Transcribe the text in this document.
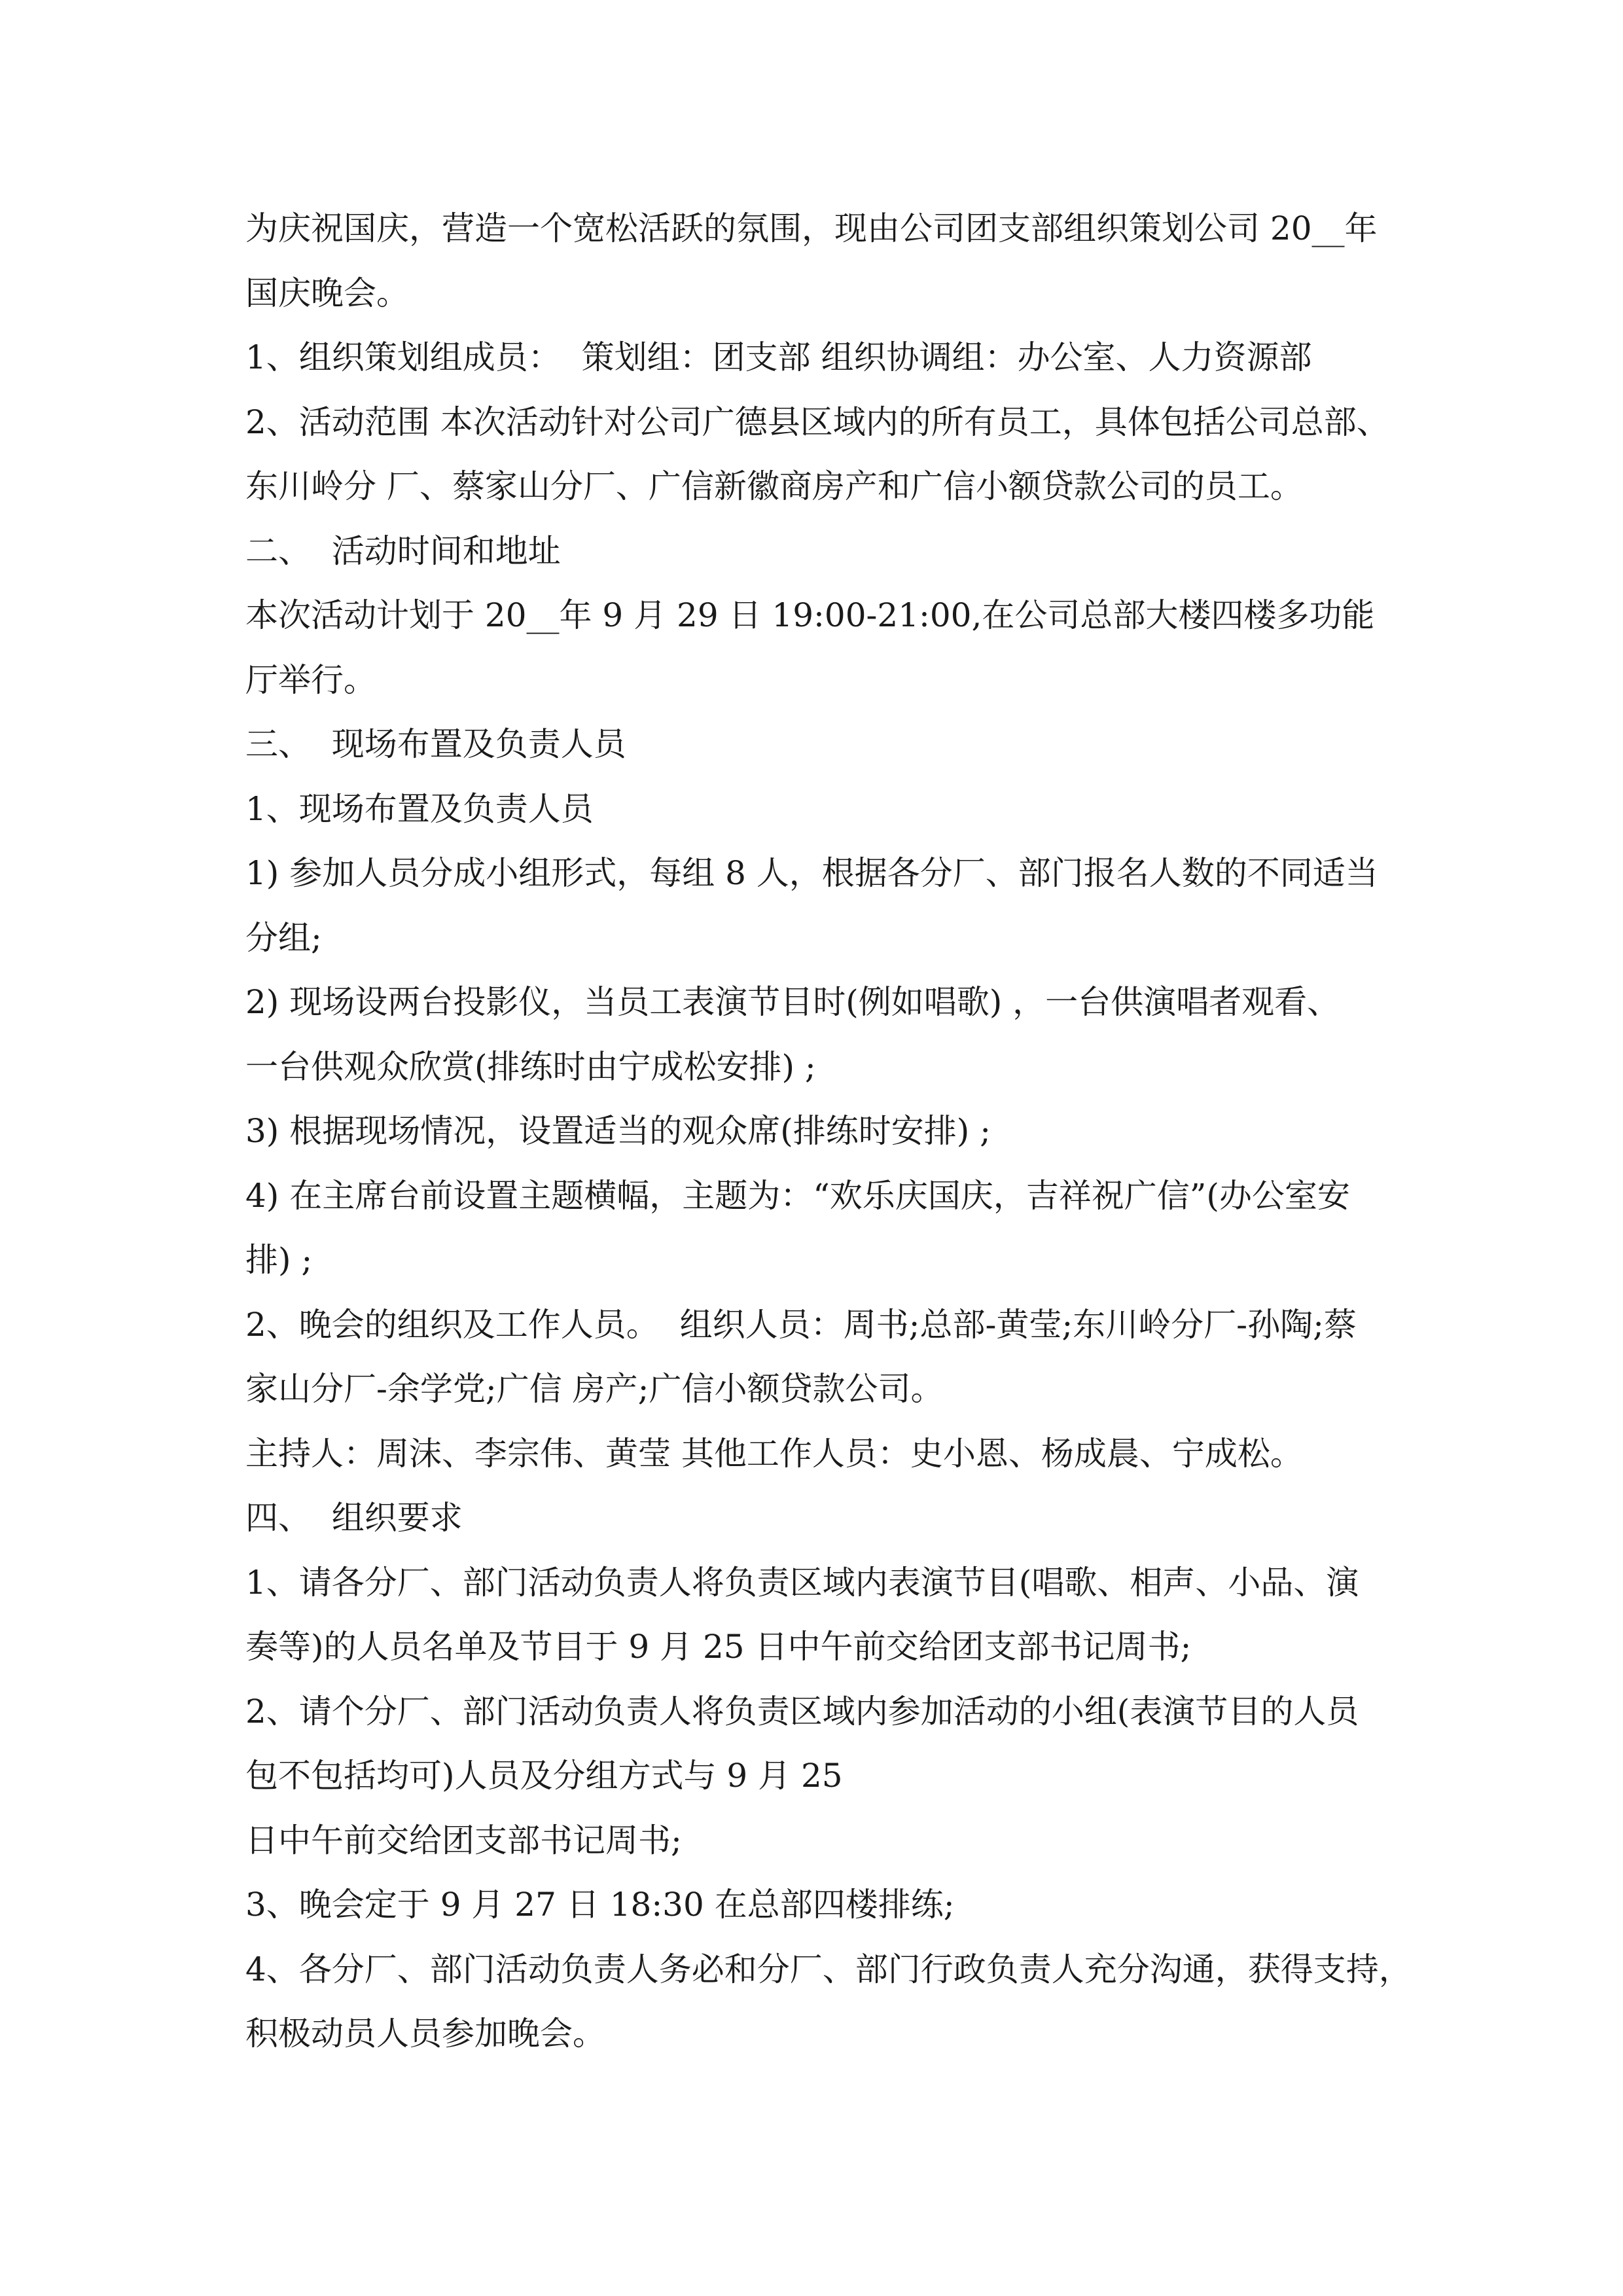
为庆祝国庆，营造一个宽松活跃的氛围，现由公司团支部组织策划公司 20__年
国庆晚会。
1、组织策划组成员：  策划组：团支部 组织协调组：办公室、人力资源部
2、活动范围 本次活动针对公司广德县区域内的所有员工，具体包括公司总部、
东川岭分 厂、蔡家山分厂、广信新徽商房产和广信小额贷款公司的员工。
二、  活动时间和地址
本次活动计划于 20__年 9 月 29 日 19:00-21:00,在公司总部大楼四楼多功能
厅举行。
三、  现场布置及负责人员
1、现场布置及负责人员
1) 参加人员分成小组形式，每组 8 人，根据各分厂、部门报名人数的不同适当
分组;
2) 现场设两台投影仪，当员工表演节目时(例如唱歌) ，一台供演唱者观看、
一台供观众欣赏(排练时由宁成松安排) ;
3) 根据现场情况，设置适当的观众席(排练时安排) ;
4) 在主席台前设置主题横幅，主题为：“欢乐庆国庆，吉祥祝广信”(办公室安
排) ;
2、晚会的组织及工作人员。  组织人员：周书;总部-黄莹;东川岭分厂-孙陶;蔡
家山分厂-余学党;广信 房产;广信小额贷款公司。
主持人：周沫、李宗伟、黄莹 其他工作人员：史小恩、杨成晨、宁成松。
四、  组织要求
1、请各分厂、部门活动负责人将负责区域内表演节目(唱歌、相声、小品、演
奏等)的人员名单及节目于 9 月 25 日中午前交给团支部书记周书;
2、请个分厂、部门活动负责人将负责区域内参加活动的小组(表演节目的人员
包不包括均可)人员及分组方式与 9 月 25
日中午前交给团支部书记周书;
3、晚会定于 9 月 27 日 18:30 在总部四楼排练;
4、各分厂、部门活动负责人务必和分厂、部门行政负责人充分沟通，获得支持，
积极动员人员参加晚会。
